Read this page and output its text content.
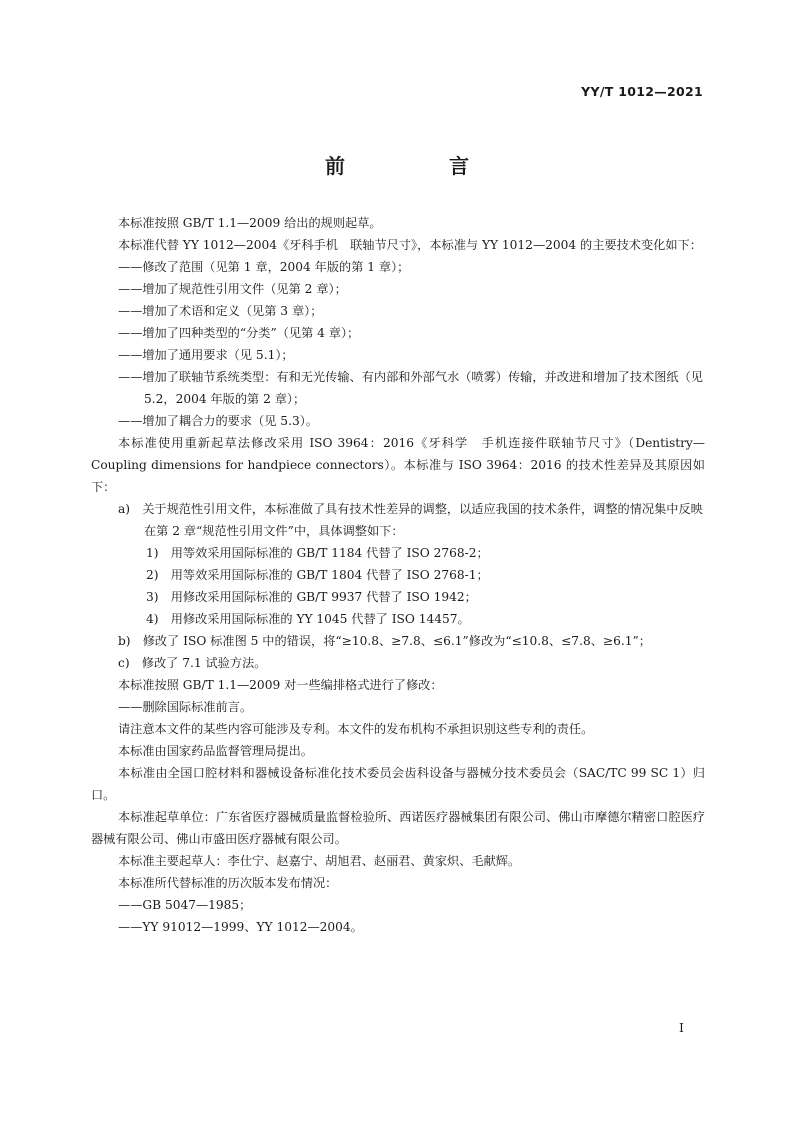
YY/T 1012—2021
前　言

本标准按照 GB/T 1.1—2009 给出的规则起草。

本标准代替 YY 1012—2004《牙科手机　联轴节尺寸》，本标准与 YY 1012—2004 的主要技术变化如下：

——修改了范围（见第 1 章，2004 年版的第 1 章）；

——增加了规范性引用文件（见第 2 章）；

——增加了术语和定义（见第 3 章）；

——增加了四种类型的“分类”（见第 4 章）；

——增加了通用要求（见 5.1）；

——增加了联轴节系统类型：有和无光传输、有内部和外部气水（喷雾）传输，并改进和增加了技术图纸（见 5.2，2004 年版的第 2 章）；

——增加了耦合力的要求（见 5.3）。

本标准使用重新起草法修改采用 ISO 3964：2016《牙科学　手机连接件联轴节尺寸》（Dentistry—Coupling dimensions for handpiece connectors）。本标准与 ISO 3964：2016 的技术性差异及其原因如下：

a)　关于规范性引用文件，本标准做了具有技术性差异的调整，以适应我国的技术条件，调整的情况集中反映在第 2 章“规范性引用文件”中，具体调整如下：

1)　用等效采用国际标准的 GB/T 1184 代替了 ISO 2768-2；

2)　用等效采用国际标准的 GB/T 1804 代替了 ISO 2768-1；

3)　用修改采用国际标准的 GB/T 9937 代替了 ISO 1942；

4)　用修改采用国际标准的 YY 1045 代替了 ISO 14457。

b)　修改了 ISO 标准图 5 中的错误，将“≥10.8、≥7.8、≤6.1”修改为“≤10.8、≤7.8、≥6.1”；

c)　修改了 7.1 试验方法。

本标准按照 GB/T 1.1—2009 对一些编排格式进行了修改：

——删除国际标准前言。

请注意本文件的某些内容可能涉及专利。本文件的发布机构不承担识别这些专利的责任。

本标准由国家药品监督管理局提出。

本标准由全国口腔材料和器械设备标准化技术委员会齿科设备与器械分技术委员会（SAC/TC 99 SC 1）归口。

本标准起草单位：广东省医疗器械质量监督检验所、西诺医疗器械集团有限公司、佛山市摩德尔精密口腔医疗器械有限公司、佛山市盛田医疗器械有限公司。

本标准主要起草人：李仕宁、赵嘉宁、胡旭君、赵丽君、黄家炽、毛献辉。

本标准所代替标准的历次版本发布情况：

——GB 5047—1985；

——YY 91012—1999、YY 1012—2004。

I
